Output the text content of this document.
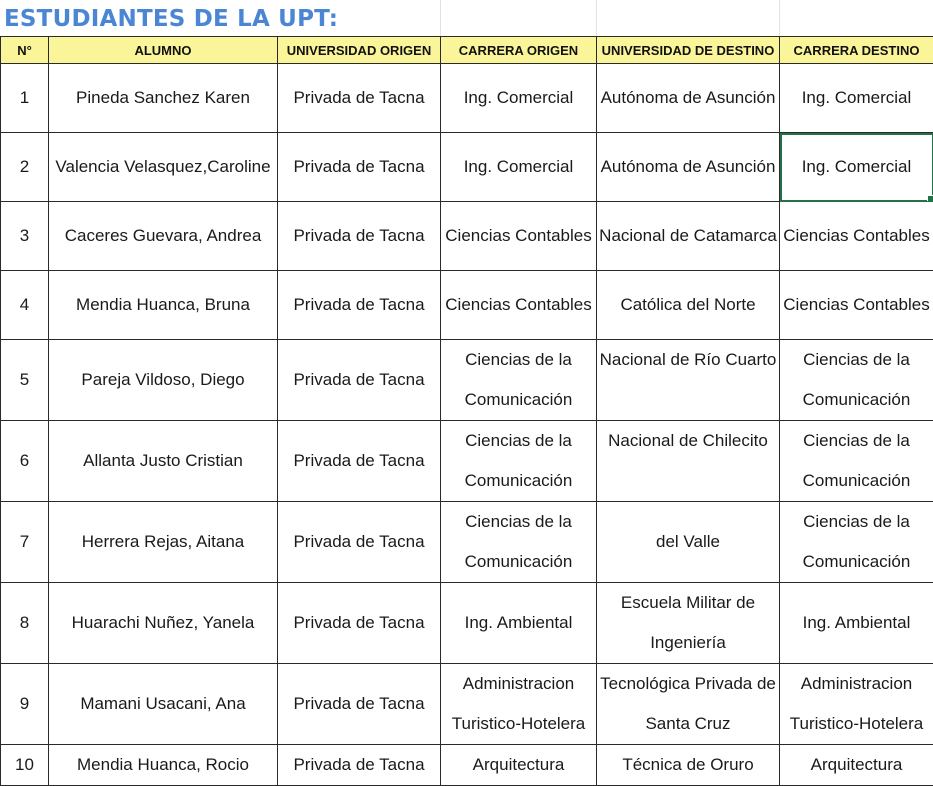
ESTUDIANTES DE LA UPT:
N°	ALUMNO	UNIVERSIDAD ORIGEN	CARRERA ORIGEN	UNIVERSIDAD DE DESTINO	CARRERA DESTINO
1	Pineda Sanchez Karen	Privada de Tacna	Ing. Comercial	Autónoma de Asunción	Ing. Comercial

2	Valencia Velasquez,Caroline	Privada de Tacna	Ing. Comercial	Autónoma de Asunción	Ing. Comercial

3	Caceres Guevara, Andrea	Privada de Tacna	Ciencias Contables	Nacional de Catamarca	Ciencias Contables

4	Mendia Huanca, Bruna	Privada de Tacna	Ciencias Contables	Católica del Norte	Ciencias Contables

5	Pareja Vildoso, Diego	Privada de Tacna	Ciencias de la
Comunicación	Nacional de Río Cuarto	Ciencias de la
Comunicación

6	Allanta Justo Cristian	Privada de Tacna	Ciencias de la
Comunicación	Nacional de Chilecito	Ciencias de la
Comunicación

7	Herrera Rejas, Aitana	Privada de Tacna	Ciencias de la
Comunicación	del Valle	Ciencias de la
Comunicación

8	Huarachi Nuñez, Yanela	Privada de Tacna	Ing. Ambiental	Escuela Militar de
Ingeniería	Ing. Ambiental

9	Mamani Usacani, Ana	Privada de Tacna	Administracion
Turistico-Hotelera	Tecnológica Privada de
Santa Cruz	Administracion
Turistico-Hotelera

10	Mendia Huanca, Rocio	Privada de Tacna	Arquitectura	Técnica de Oruro	Arquitectura
